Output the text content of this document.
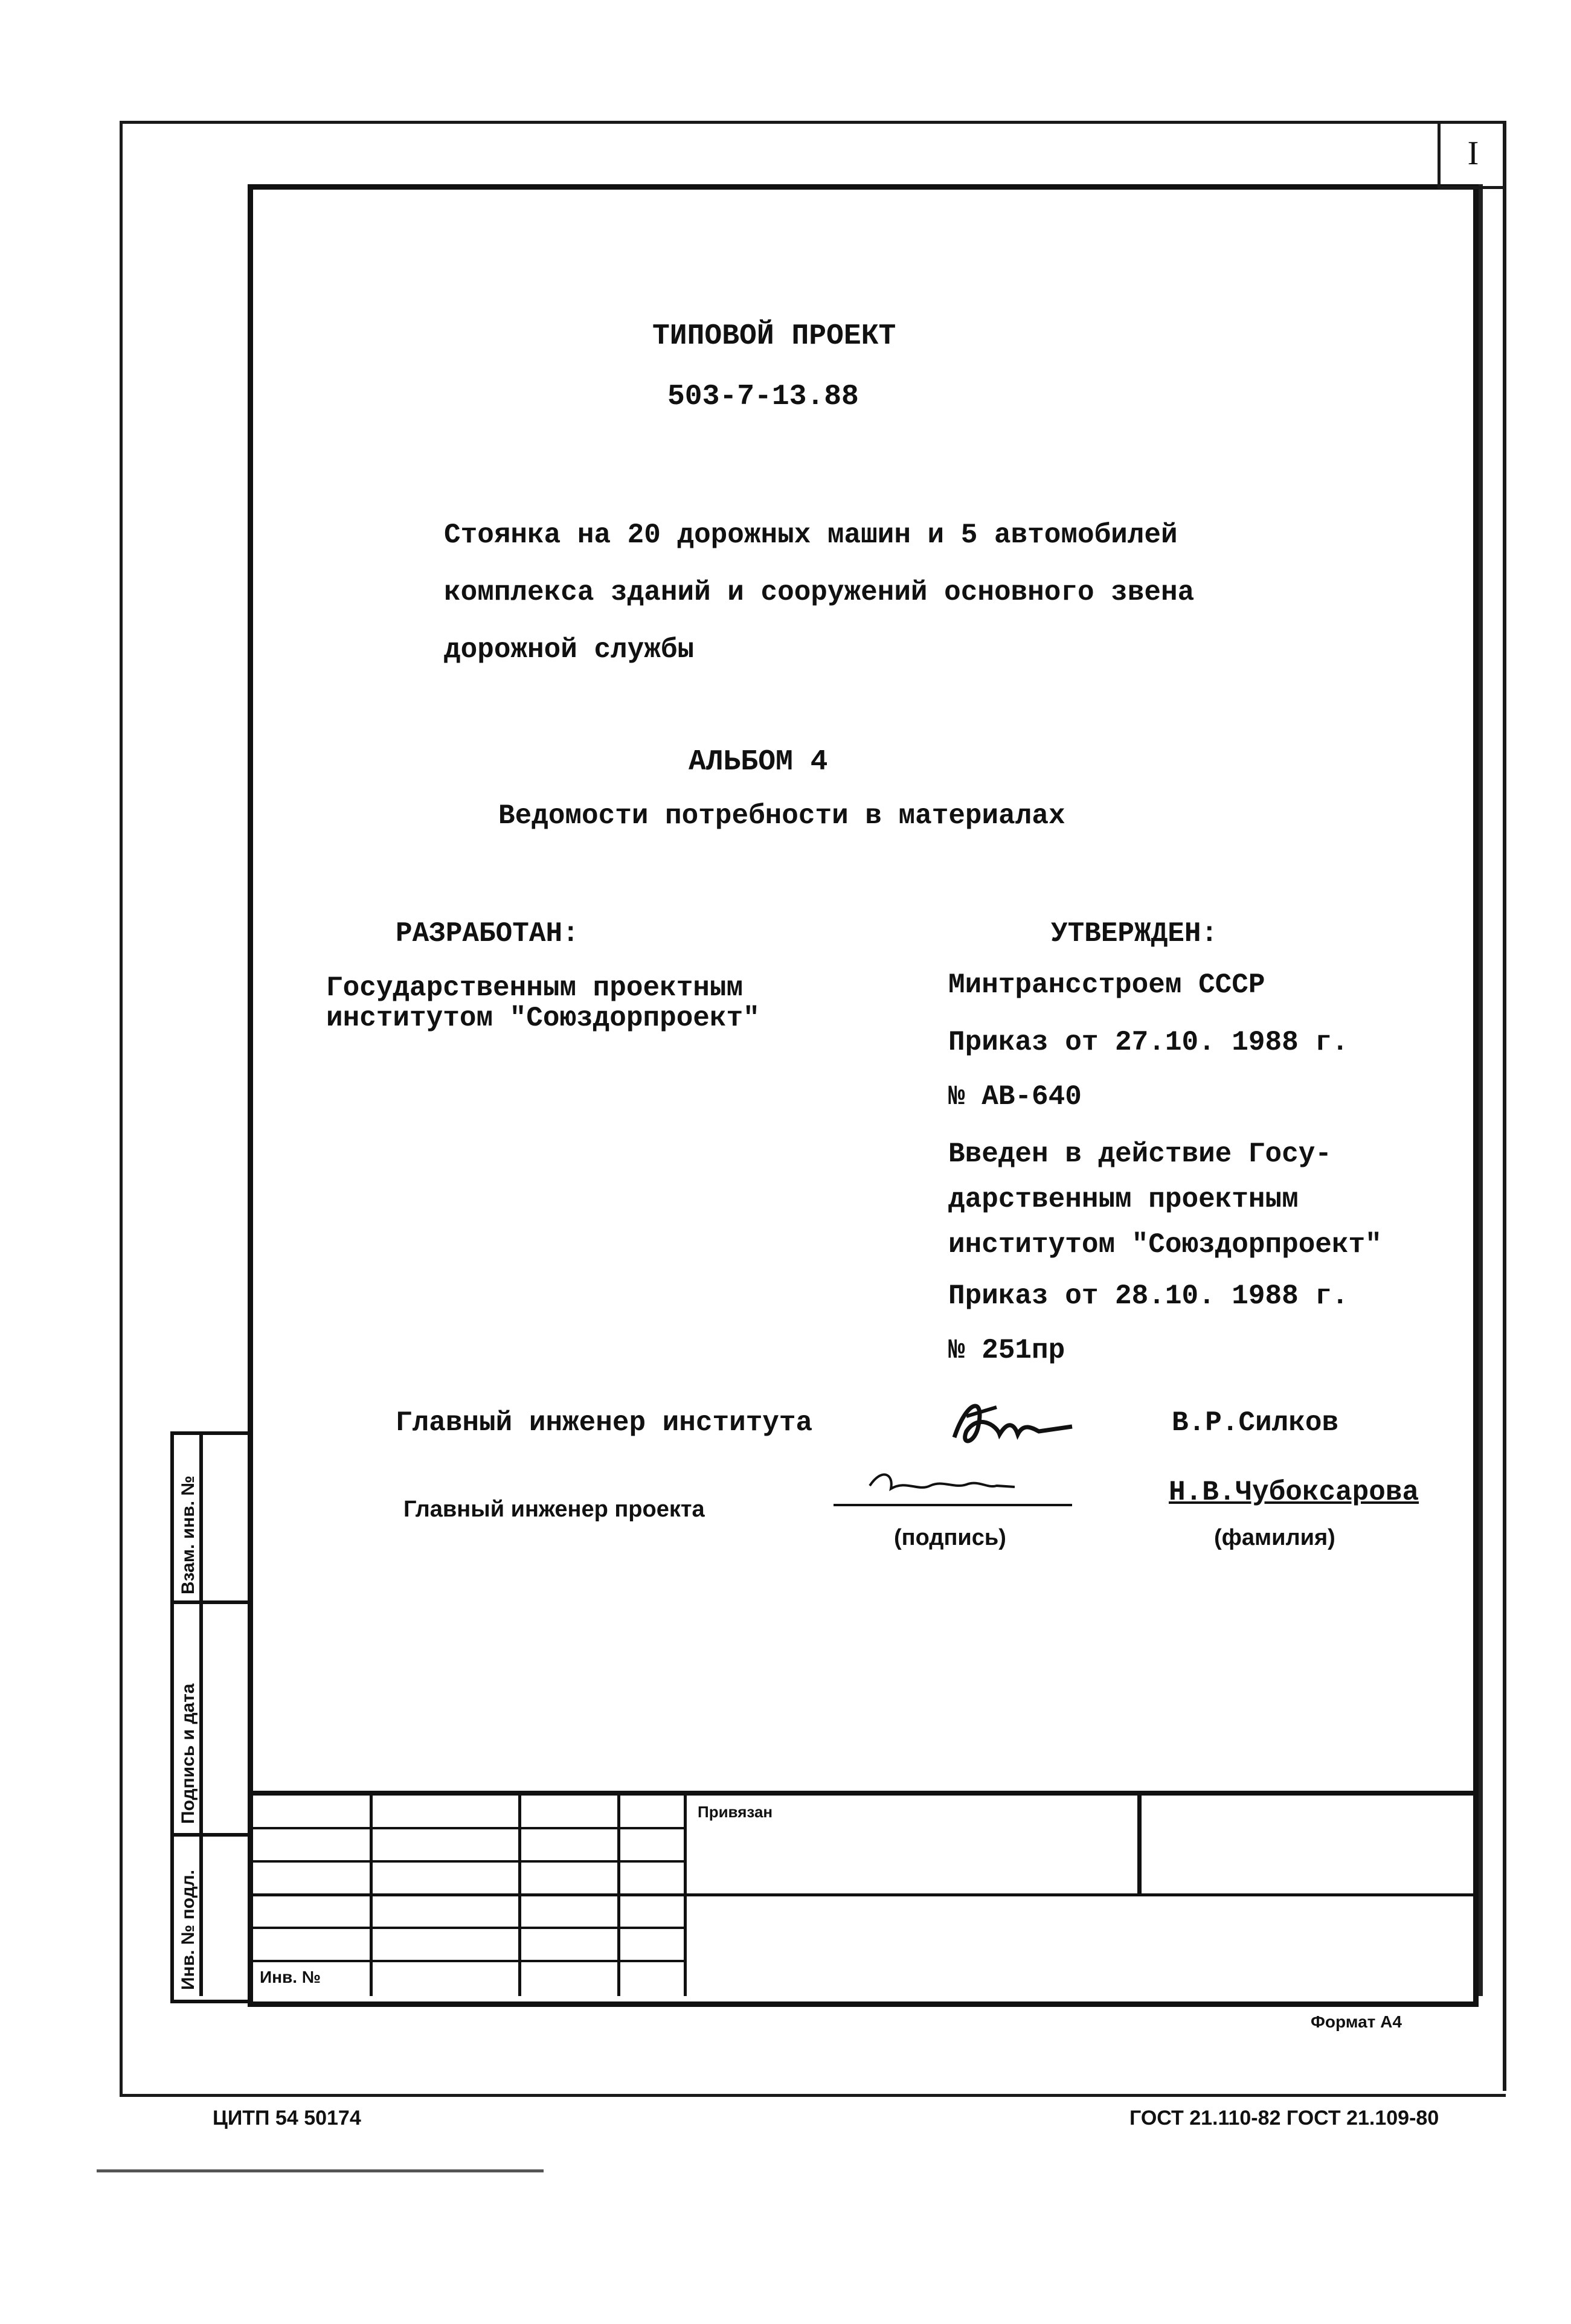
I
ТИПОВОЙ ПРОЕКТ
503-7-13.88
Стоянка на 20 дорожных машин и 5 автомобилей
комплекса зданий и сооружений основного звена
дорожной службы
АЛЬБОМ 4
Ведомости потребности в материалах
РАЗРАБОТАН:
Государственным проектным
институтом "Союздорпроект"
УТВЕРЖДЕН:
Минтрансстроем СССР
Приказ от 27.10. 1988 г.
№ АВ-640
Введен в действие Госу-
дарственным проектным
институтом "Союздорпроект"
Приказ от 28.10. 1988 г.
№ 251пр
Главный инженер института	В.Р.Силков
Главный инженер проекта
(подпись)
Н.В.Чубоксарова
(фамилия)
Взам. инв. №
Подпись и дата
Инв. № подл.
Привязан
Инв. №
Формат А4
ЦИТП 54 50174	ГОСТ 21.110-82 ГОСТ 21.109-80
